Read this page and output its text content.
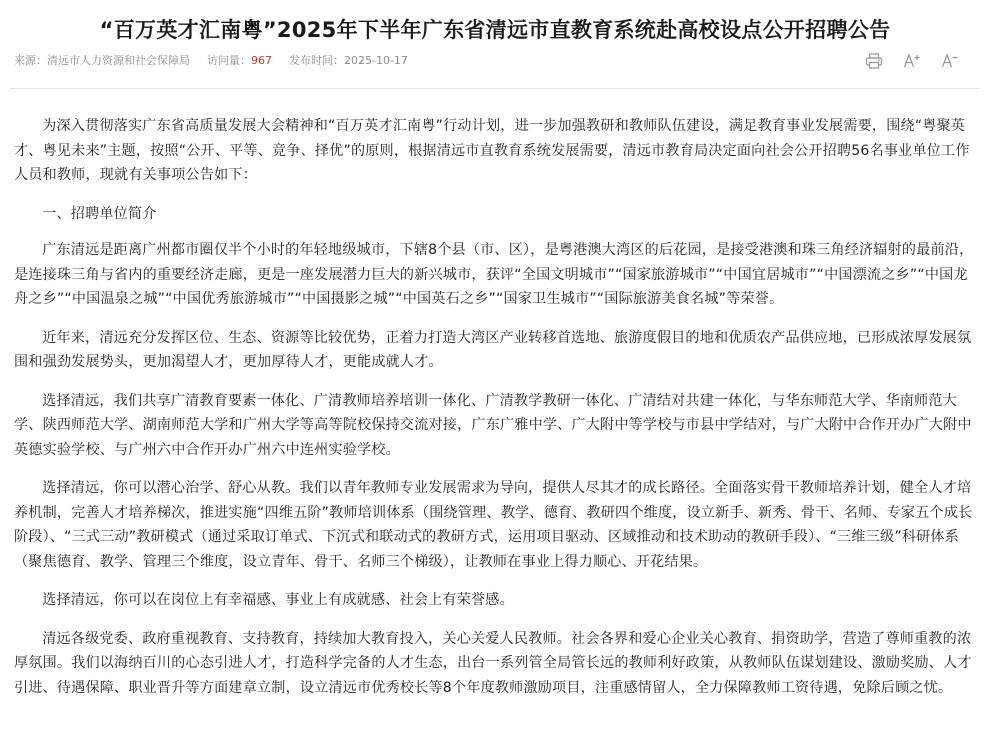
“百万英才汇南粤”2025年下半年广东省清远市直教育系统赴高校设点公开招聘公告
来源：清远市人力资源和社会保障局 访问量：967 发布时间：2025-10-17

为深入贯彻落实广东省高质量发展大会精神和“百万英才汇南粤”行动计划，进一步加强教研和教师队伍建设，满足教育事业发展需要，围绕“粤聚英才、粤见未来”主题，按照“公开、平等、竞争、择优”的原则，根据清远市直教育系统发展需要，清远市教育局决定面向社会公开招聘56名事业单位工作人员和教师，现就有关事项公告如下：

一、招聘单位简介

广东清远是距离广州都市圈仅半个小时的年轻地级城市，下辖8个县（市、区），是粤港澳大湾区的后花园，是接受港澳和珠三角经济辐射的最前沿，是连接珠三角与省内的重要经济走廊，更是一座发展潜力巨大的新兴城市，获评“全国文明城市”“国家旅游城市”“中国宜居城市”“中国漂流之乡”“中国龙舟之乡”“中国温泉之城”“中国优秀旅游城市”“中国摄影之城”“中国英石之乡”“国家卫生城市”“国际旅游美食名城”等荣誉。

近年来，清远充分发挥区位、生态、资源等比较优势，正着力打造大湾区产业转移首选地、旅游度假目的地和优质农产品供应地，已形成浓厚发展氛围和强劲发展势头，更加渴望人才，更加厚待人才，更能成就人才。

选择清远，我们共享广清教育要素一体化、广清教师培养培训一体化、广清教学教研一体化、广清结对共建一体化，与华东师范大学、华南师范大学、陕西师范大学、湖南师范大学和广州大学等高等院校保持交流对接，广东广雅中学、广大附中等学校与市县中学结对，与广大附中合作开办广大附中英德实验学校、与广州六中合作开办广州六中连州实验学校。

选择清远，你可以潜心治学、舒心从教。我们以青年教师专业发展需求为导向，提供人尽其才的成长路径。全面落实骨干教师培养计划，健全人才培养机制，完善人才培养梯次，推进实施“四维五阶”教师培训体系（围绕管理、教学、德育、教研四个维度，设立新手、新秀、骨干、名师、专家五个成长阶段）、“三式三动”教研模式（通过采取订单式、下沉式和联动式的教研方式，运用项目驱动、区域推动和技术助动的教研手段）、“三维三级”科研体系（聚焦德育、教学、管理三个维度，设立青年、骨干、名师三个梯级），让教师在事业上得力顺心、开花结果。

选择清远，你可以在岗位上有幸福感、事业上有成就感、社会上有荣誉感。

清远各级党委、政府重视教育、支持教育，持续加大教育投入，关心关爱人民教师。社会各界和爱心企业关心教育、捐资助学，营造了尊师重教的浓厚氛围。我们以海纳百川的心态引进人才，打造科学完备的人才生态，出台一系列管全局管长远的教师利好政策，从教师队伍谋划建设、激励奖励、人才引进、待遇保障、职业晋升等方面建章立制，设立清远市优秀校长等8个年度教师激励项目，注重感情留人，全力保障教师工资待遇，免除后顾之忧。
